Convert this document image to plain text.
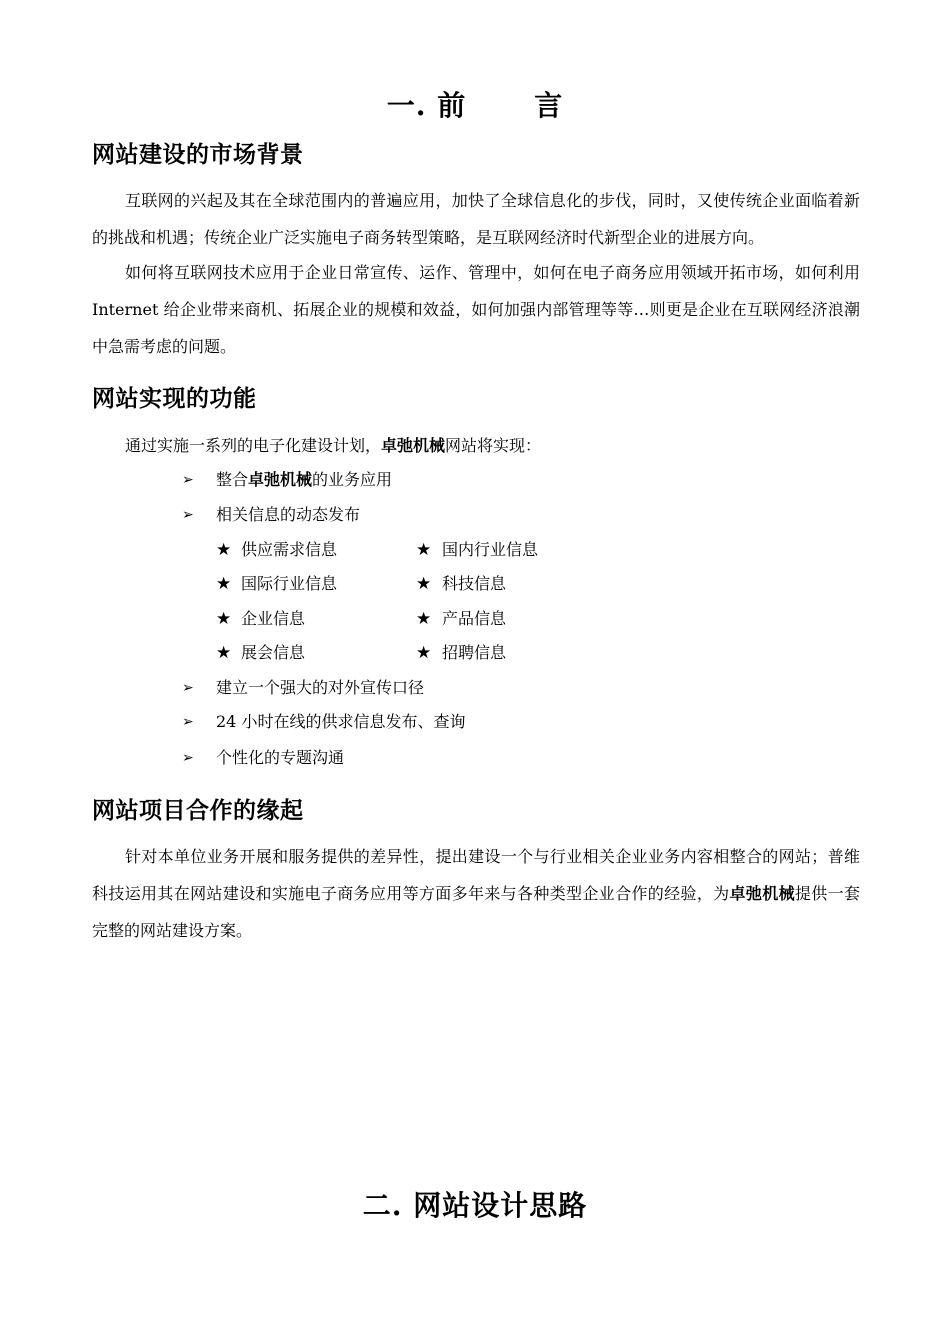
一. 前 言
网站建设的市场背景
互联网的兴起及其在全球范围内的普遍应用，加快了全球信息化的步伐，同时，又使传统企业面临着新的挑战和机遇；传统企业广泛实施电子商务转型策略，是互联网经济时代新型企业的进展方向。
如何将互联网技术应用于企业日常宣传、运作、管理中，如何在电子商务应用领域开拓市场，如何利用 Internet 给企业带来商机、拓展企业的规模和效益，如何加强内部管理等等…则更是企业在互联网经济浪潮中急需考虑的问题。
网站实现的功能
通过实施一系列的电子化建设计划，卓弛机械网站将实现：
➢ 整合卓弛机械的业务应用
➢ 相关信息的动态发布
★ 供应需求信息	★ 国内行业信息
★ 国际行业信息	★ 科技信息
★ 企业信息	★ 产品信息
★ 展会信息	★ 招聘信息
➢ 建立一个强大的对外宣传口径
➢ 24 小时在线的供求信息发布、查询
➢ 个性化的专题沟通
网站项目合作的缘起
针对本单位业务开展和服务提供的差异性，提出建设一个与行业相关企业业务内容相整合的网站；普维科技运用其在网站建设和实施电子商务应用等方面多年来与各种类型企业合作的经验，为卓弛机械提供一套完整的网站建设方案。
二. 网站设计思路
